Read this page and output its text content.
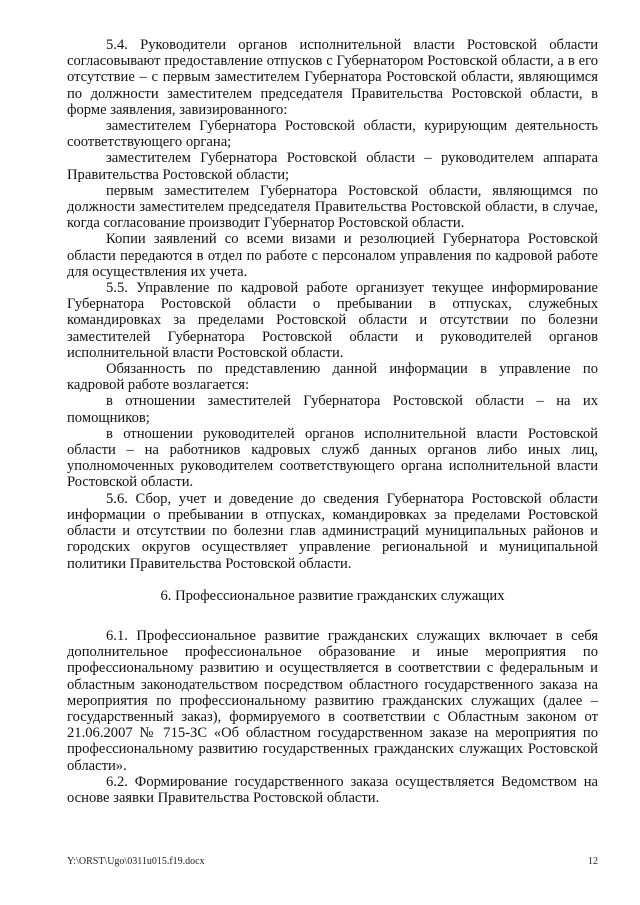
5.4. Руководители органов исполнительной власти Ростовской области согласовывают предоставление отпусков с Губернатором Ростовской области, а в его отсутствие – с первым заместителем Губернатора Ростовской области, являющимся по должности заместителем председателя Правительства Ростовской области, в форме заявления, завизированного:

заместителем Губернатора Ростовской области, курирующим деятельность соответствующего органа;

заместителем Губернатора Ростовской области – руководителем аппарата Правительства Ростовской области;

первым заместителем Губернатора Ростовской области, являющимся по должности заместителем председателя Правительства Ростовской области, в случае, когда согласование производит Губернатор Ростовской области.

Копии заявлений со всеми визами и резолюцией Губернатора Ростовской области передаются в отдел по работе с персоналом управления по кадровой работе для осуществления их учета.

5.5. Управление по кадровой работе организует текущее информирование Губернатора Ростовской области о пребывании в отпусках, служебных командировках за пределами Ростовской области и отсутствии по болезни заместителей Губернатора Ростовской области и руководителей органов исполнительной власти Ростовской области.

Обязанность по представлению данной информации в управление по кадровой работе возлагается:

в отношении заместителей Губернатора Ростовской области – на их помощников;

в отношении руководителей органов исполнительной власти Ростовской области – на работников кадровых служб данных органов либо иных лиц, уполномоченных руководителем соответствующего органа исполнительной власти Ростовской области.

5.6. Сбор, учет и доведение до сведения Губернатора Ростовской области информации о пребывании в отпусках, командировках за пределами Ростовской области и отсутствии по болезни глав администраций муниципальных районов и городских округов осуществляет управление региональной и муниципальной политики Правительства Ростовской области.

6. Профессиональное развитие гражданских служащих

6.1. Профессиональное развитие гражданских служащих включает в себя дополнительное профессиональное образование и иные мероприятия по профессиональному развитию и осуществляется в соответствии с федеральным и областным законодательством посредством областного государственного заказа на мероприятия по профессиональному развитию гражданских служащих (далее – государственный заказ), формируемого в соответствии с Областным законом от 21.06.2007 № 715-ЗС «Об областном государственном заказе на мероприятия по профессиональному развитию государственных гражданских служащих Ростовской области».

6.2. Формирование государственного заказа осуществляется Ведомством на основе заявки Правительства Ростовской области.

Y:\ORST\Ugo\0311u015.f19.docx	12
